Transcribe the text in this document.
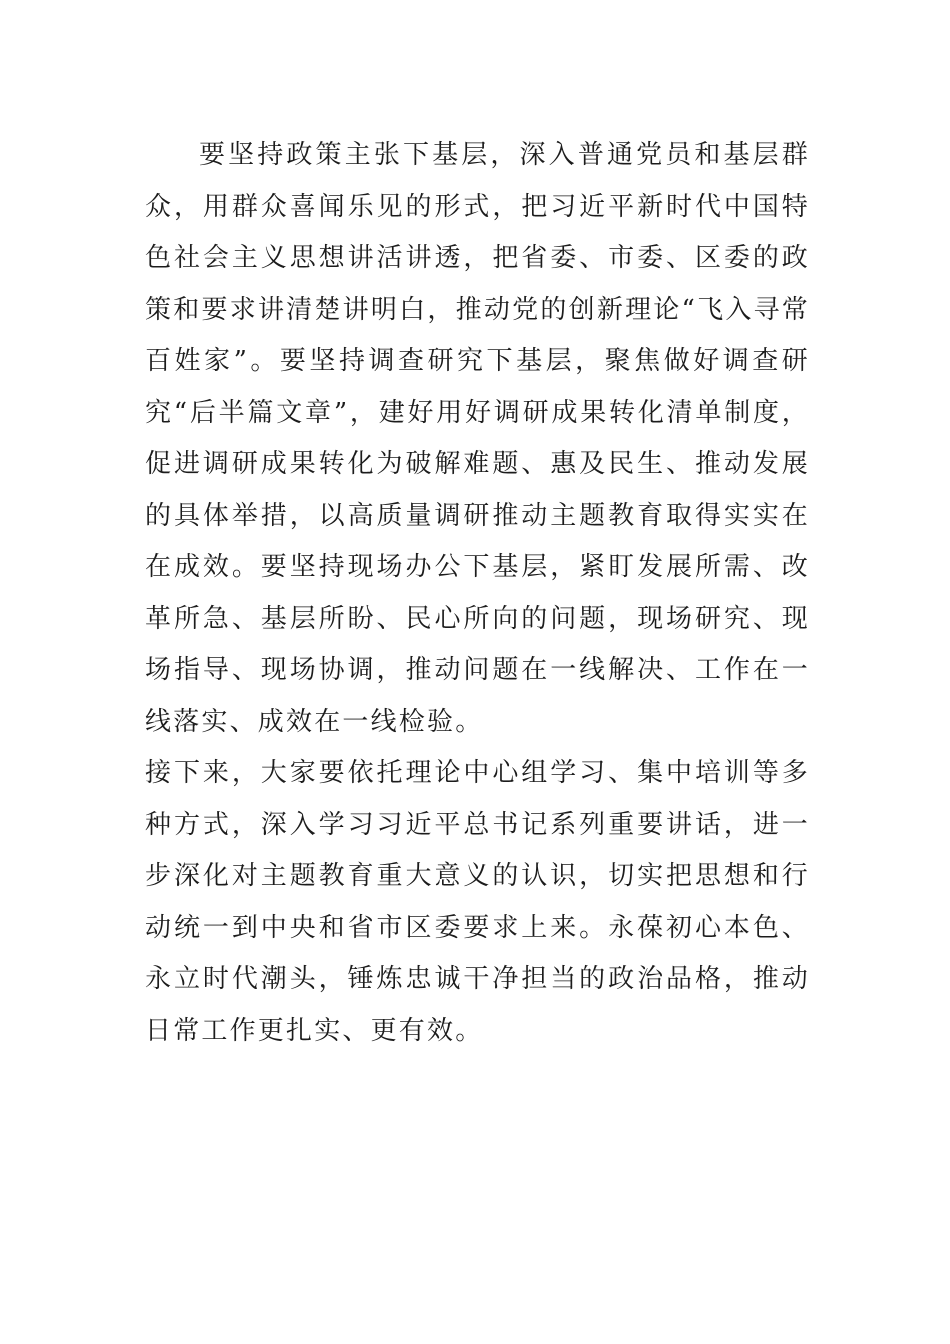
要坚持政策主张下基层，深入普通党员和基层群众，用群众喜闻乐见的形式，把习近平新时代中国特色社会主义思想讲活讲透，把省委、市委、区委的政策和要求讲清楚讲明白，推动党的创新理论“飞入寻常百姓家”。要坚持调查研究下基层，聚焦做好调查研究“后半篇文章”，建好用好调研成果转化清单制度，促进调研成果转化为破解难题、惠及民生、推动发展的具体举措，以高质量调研推动主题教育取得实实在在成效。要坚持现场办公下基层，紧盯发展所需、改革所急、基层所盼、民心所向的问题，现场研究、现场指导、现场协调，推动问题在一线解决、工作在一线落实、成效在一线检验。

接下来，大家要依托理论中心组学习、集中培训等多种方式，深入学习习近平总书记系列重要讲话，进一步深化对主题教育重大意义的认识，切实把思想和行动统一到中央和省市区委要求上来。永葆初心本色、永立时代潮头，锤炼忠诚干净担当的政治品格，推动日常工作更扎实、更有效。
